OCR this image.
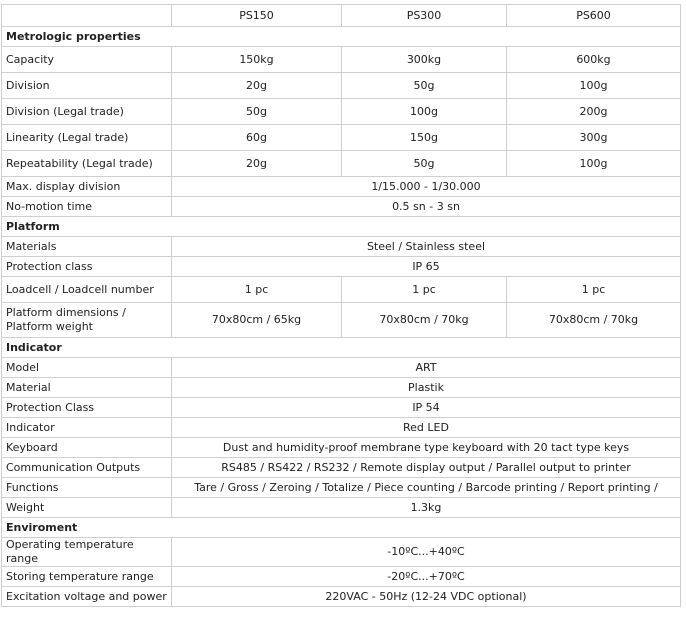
	PS150	PS300	PS600
Metrologic properties			
Capacity	150kg	300kg	600kg
Division	20g	50g	100g
Division (Legal trade)	50g	100g	200g
Linearity (Legal trade)	60g	150g	300g
Repeatability (Legal trade)	20g	50g	100g
Max. display division	1/15.000 - 1/30.000		
No-motion time	0.5 sn - 3 sn		
Platform			
Materials	Steel / Stainless steel		
Protection class	IP 65		
Loadcell / Loadcell number	1 pc	1 pc	1 pc
Platform dimensions / Platform weight	70x80cm / 65kg	70x80cm / 70kg	70x80cm / 70kg
Indicator			
Model	ART		
Material	Plastik		
Protection Class	IP 54		
Indicator	Red LED		
Keyboard	Dust and humidity-proof membrane type keyboard with 20 tact type keys		
Communication Outputs	RS485 / RS422 / RS232 / Remote display output / Parallel output to printer		
Functions	Tare / Gross / Zeroing / Totalize / Piece counting / Barcode printing / Report printing /		
Weight	1.3kg		
Enviroment			
Operating temperature range	-10ºC...+40ºC		
Storing temperature range	-20ºC...+70ºC		
Excitation voltage and power	220VAC - 50Hz (12-24 VDC optional)		
